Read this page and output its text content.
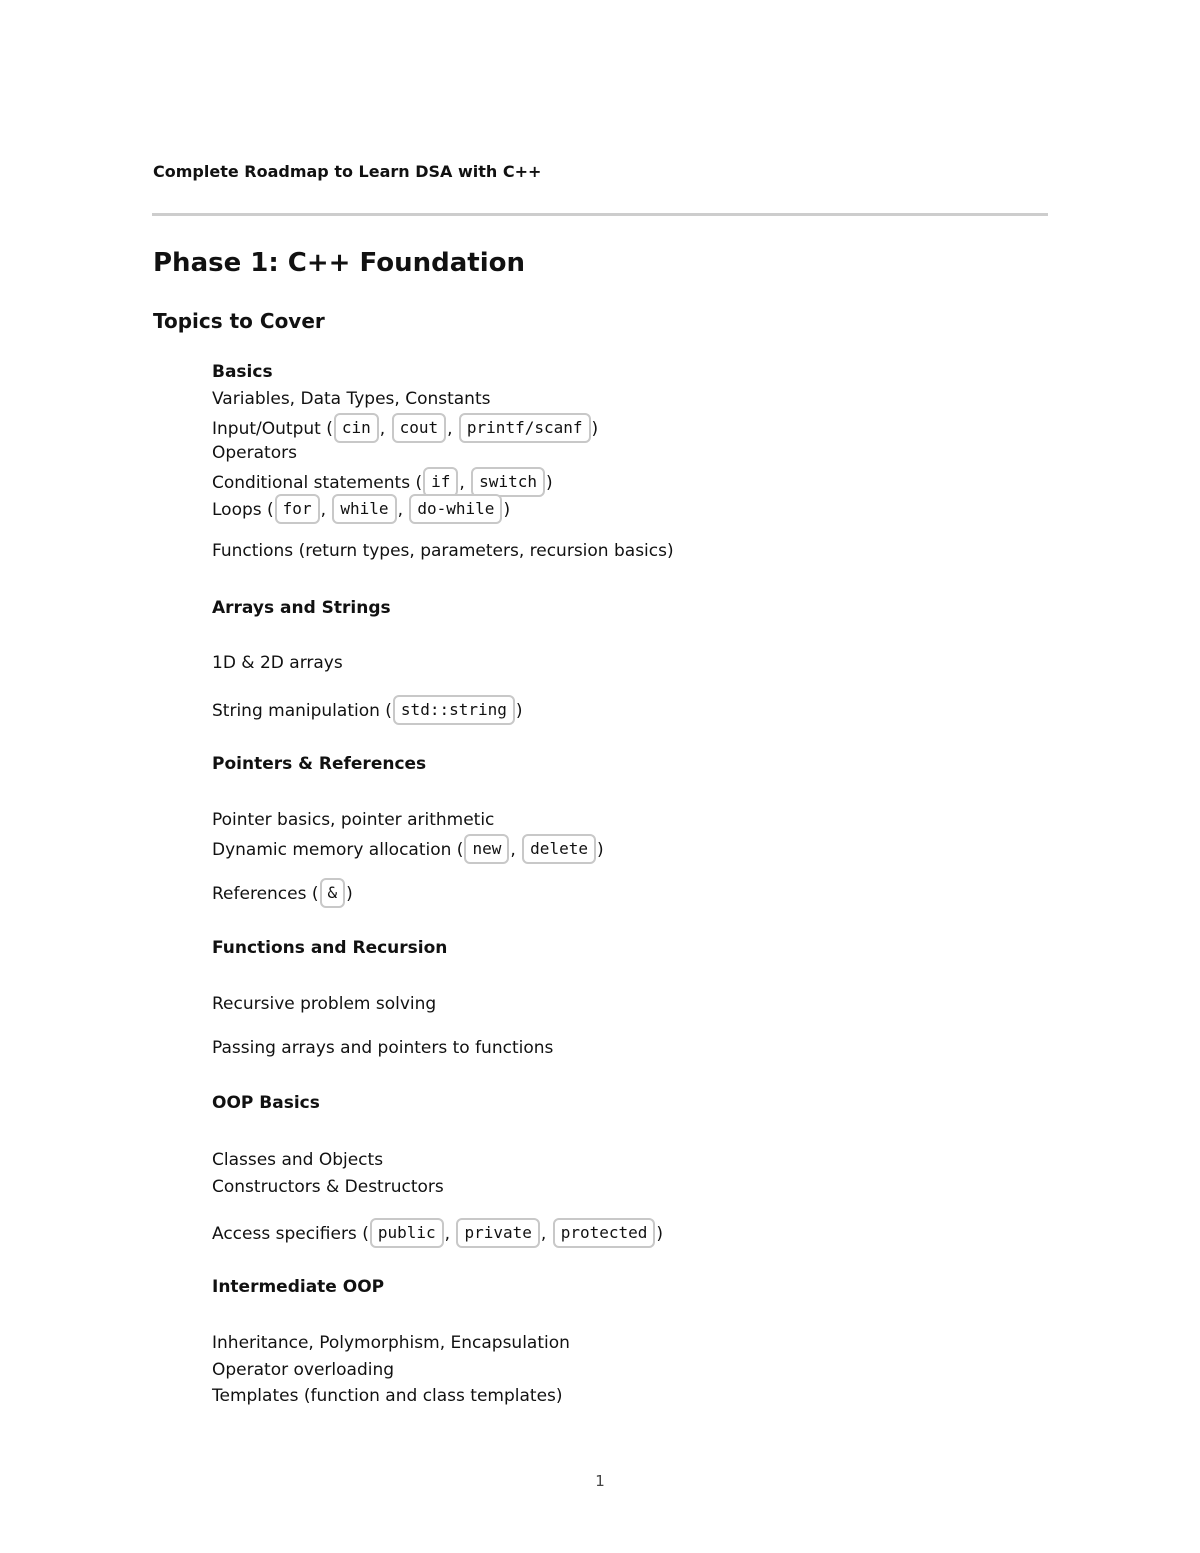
Complete Roadmap to Learn DSA with C++
Phase 1: C++ Foundation
Topics to Cover
Basics
Variables, Data Types, Constants
Input/Output ( cin , cout , printf/scanf )
Operators
Conditional statements ( if , switch )
Loops ( for , while , do-while )
Functions (return types, parameters, recursion basics)
Arrays and Strings
1D & 2D arrays
String manipulation ( std::string )
Pointers & References
Pointer basics, pointer arithmetic
Dynamic memory allocation ( new , delete )
References ( & )
Functions and Recursion
Recursive problem solving
Passing arrays and pointers to functions
OOP Basics
Classes and Objects
Constructors & Destructors
Access specifiers ( public , private , protected )
Intermediate OOP
Inheritance, Polymorphism, Encapsulation
Operator overloading
Templates (function and class templates)
1
